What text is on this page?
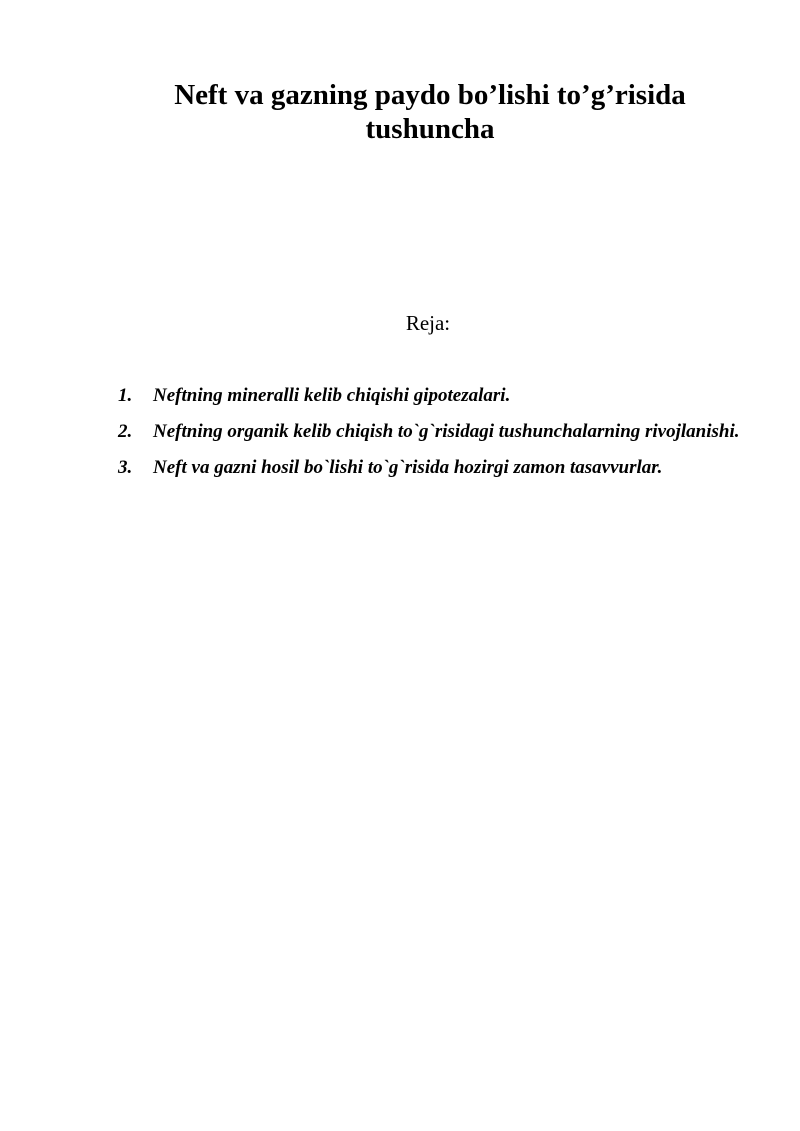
Neft va gazning paydo bo’lishi to’g’risida tushuncha
Reja:
1. Neftning mineralli kelib chiqishi gipotezalari.
2. Neftning organik kelib chiqish to`g`risidagi tushunchalarning rivojlanishi.
3. Neft va gazni hosil bo`lishi to`g`risida hozirgi zamon tasavvurlar.
